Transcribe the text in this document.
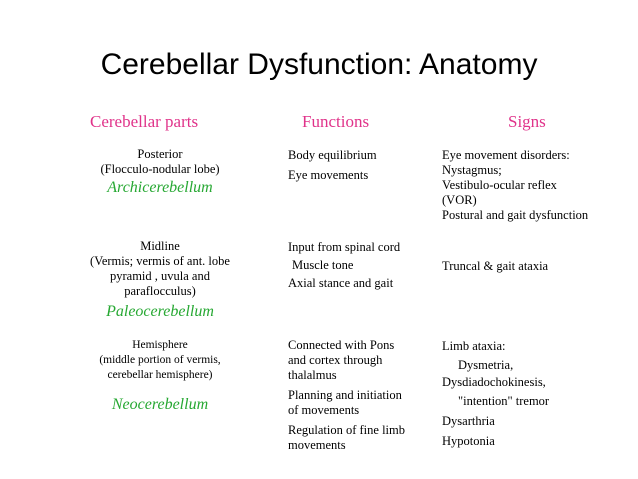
Cerebellar Dysfunction: Anatomy
Cerebellar parts	Functions	Signs
Posterior
(Flocculo-nodular lobe)
Archicerebellum
Body equilibrium
Eye movements
Eye movement disorders:
Nystagmus;
Vestibulo-ocular reflex
(VOR)
Postural and gait dysfunction
Midline
(Vermis; vermis of ant. lobe
pyramid , uvula and
paraflocculus)
Paleocerebellum
Input from spinal cord
Muscle tone
Axial stance and gait
Truncal & gait ataxia
Hemisphere
(middle portion of vermis,
cerebellar hemisphere)
Neocerebellum
Connected with Pons
and cortex through
thalalmus
Planning and initiation
of movements
Regulation of fine limb
movements
Limb ataxia:
Dysmetria,
Dysdiadochokinesis,
"intention" tremor
Dysarthria
Hypotonia
